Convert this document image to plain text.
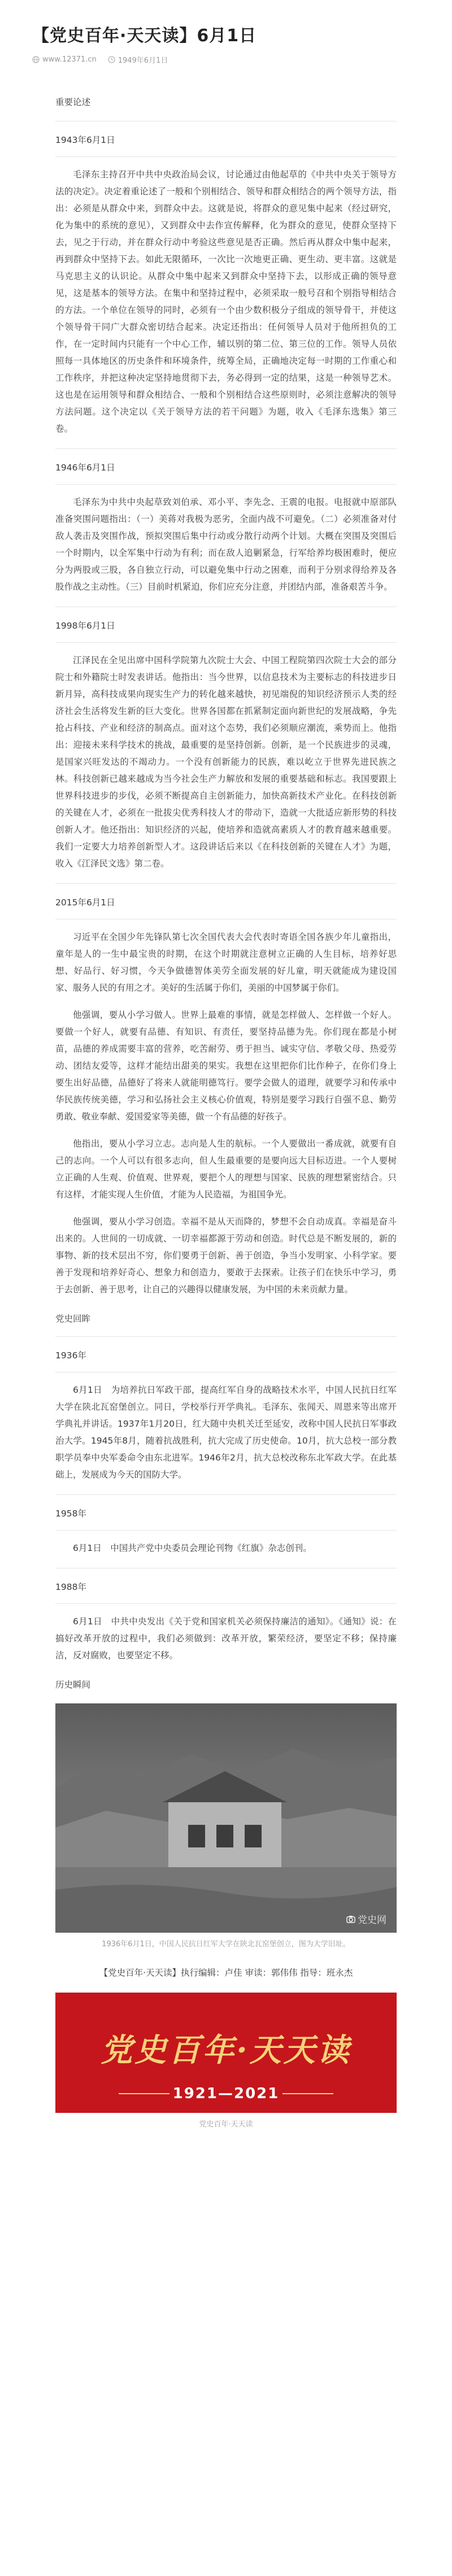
【党史百年·天天读】6月1日
www.12371.cn	1949年6月1日
重要论述
1943年6月1日

毛泽东主持召开中共中央政治局会议，讨论通过由他起草的《中共中央关于领导方法的决定》。决定着重论述了一般和个别相结合、领导和群众相结合的两个领导方法，指出：必须是从群众中来，到群众中去。这就是说，将群众的意见集中起来（经过研究，化为集中的系统的意见），又到群众中去作宣传解释，化为群众的意见，使群众坚持下去，见之于行动，并在群众行动中考验这些意见是否正确。然后再从群众中集中起来，再到群众中坚持下去。如此无限循环，一次比一次地更正确、更生动、更丰富。这就是马克思主义的认识论。从群众中集中起来又到群众中坚持下去，以形成正确的领导意见，这是基本的领导方法。在集中和坚持过程中，必须采取一般号召和个别指导相结合的方法。一个单位在领导的同时，必须有一个由少数积极分子组成的领导骨干，并使这个领导骨干同广大群众密切结合起来。决定还指出：任何领导人员对于他所担负的工作，在一定时间内只能有一个中心工作，辅以别的第二位、第三位的工作。领导人员依照每一具体地区的历史条件和环境条件，统筹全局，正确地决定每一时期的工作重心和工作秩序，并把这种决定坚持地贯彻下去，务必得到一定的结果，这是一种领导艺术。这也是在运用领导和群众相结合、一般和个别相结合这些原则时，必须注意解决的领导方法问题。这个决定以《关于领导方法的若干问题》为题，收入《毛泽东选集》第三卷。

1946年6月1日

毛泽东为中共中央起草致刘伯承、邓小平、李先念、王震的电报。电报就中原部队准备突围问题指出：（一）美蒋对我极为恶劣，全面内战不可避免。（二）必须准备对付敌人袭击及突围作战，预拟突围后集中行动或分散行动两个计划。大概在突围及突围后一个时期内，以全军集中行动为有利；而在敌人追剿紧急，行军给养均极困难时，便应分为两股或三股，各自独立行动，可以避免集中行动之困难，而利于分别求得给养及各股作战之主动性。（三）目前时机紧迫，你们应充分注意，并团结内部，准备艰苦斗争。

1998年6月1日

江泽民在全见出席中国科学院第九次院士大会、中国工程院第四次院士大会的部分院士和外籍院士时发表讲话。他指出：当今世界，以信息技术为主要标志的科技进步日新月异，高科技成果向现实生产力的转化越来越快，初见端倪的知识经济预示人类的经济社会生活将发生新的巨大变化。世界各国都在抓紧制定面向新世纪的发展战略，争先抢占科技、产业和经济的制高点。面对这个态势，我们必须顺应潮流，乘势而上。他指出：迎接未来科学技术的挑战，最重要的是坚持创新。创新，是一个民族进步的灵魂，是国家兴旺发达的不竭动力。一个没有创新能力的民族，难以屹立于世界先进民族之林。科技创新已越来越成为当今社会生产力解放和发展的重要基础和标志。我国要跟上世界科技进步的步伐，必须不断提高自主创新能力，加快高新技术产业化。在科技创新的关键在人才，必须在一批拔尖优秀科技人才的带动下，造就一大批适应新形势的科技创新人才。他还指出：知识经济的兴起，使培养和造就高素质人才的教育越来越重要。我们一定要大力培养创新型人才。这段讲话后来以《在科技创新的关键在人才》为题，收入《江泽民文选》第二卷。

2015年6月1日

习近平在全国少年先锋队第七次全国代表大会代表时寄语全国各族少年儿童指出，童年是人的一生中最宝贵的时期，在这个时期就注意树立正确的人生目标，培养好思想、好品行、好习惯，今天争做德智体美劳全面发展的好儿童，明天就能成为建设国家、服务人民的有用之才。美好的生活属于你们，美丽的中国梦属于你们。

他强调，要从小学习做人。世界上最难的事情，就是怎样做人、怎样做一个好人。要做一个好人，就要有品德、有知识、有责任，要坚持品德为先。你们现在都是小树苗，品德的养成需要丰富的营养，吃苦耐劳、勇于担当、诚实守信、孝敬父母、热爱劳动、团结友爱等，这样才能结出甜美的果实。我想在这里把你们比作种子，在你们身上要生出好品德，品德好了将来人就能明德笃行。要学会做人的道理，就要学习和传承中华民族传统美德，学习和弘扬社会主义核心价值观，特别是要学习践行自强不息、勤劳勇敢、敬业奉献、爱国爱家等美德，做一个有品德的好孩子。

他指出，要从小学习立志。志向是人生的航标。一个人要做出一番成就，就要有自己的志向。一个人可以有很多志向，但人生最重要的是要向远大目标迈进。一个人要树立正确的人生观、价值观、世界观，要把个人的理想与国家、民族的理想紧密结合。只有这样，才能实现人生价值，才能为人民造福，为祖国争光。

他强调，要从小学习创造。幸福不是从天而降的，梦想不会自动成真。幸福是奋斗出来的。人世间的一切成就、一切幸福都源于劳动和创造。时代总是不断发展的，新的事物、新的技术层出不穷，你们要勇于创新、善于创造，争当小发明家、小科学家。要善于发现和培养好奇心、想象力和创造力，要敢于去探索。让孩子们在快乐中学习，勇于去创新、善于思考，让自己的兴趣得以健康发展，为中国的未来贡献力量。

党史回眸
1936年

6月1日　为培养抗日军政干部，提高红军自身的战略技术水平，中国人民抗日红军大学在陕北瓦窑堡创立。同日，学校举行开学典礼。毛泽东、张闻天、周恩来等出席开学典礼并讲话。1937年1月20日，红大随中央机关迁至延安，改称中国人民抗日军事政治大学。1945年8月，随着抗战胜利，抗大完成了历史使命。10月，抗大总校一部分教职学员奉中央军委命令由东北进军。1946年2月，抗大总校改称东北军政大学。在此基础上，发展成为今天的国防大学。

1958年

6月1日　中国共产党中央委员会理论刊物《红旗》杂志创刊。

1988年

6月1日　中共中央发出《关于党和国家机关必须保持廉洁的通知》。《通知》说：在搞好改革开放的过程中，我们必须做到：改革开放，繁荣经济，要坚定不移；保持廉洁，反对腐败，也要坚定不移。

历史瞬间
党史网
1936年6月1日，中国人民抗日红军大学在陕北瓦窑堡创立，图为大学旧址。
【党史百年·天天读】执行编辑：卢佳 审读：郭伟伟 指导：班永杰
党史百年·天天读
1921—2021
党史百年·天天读
